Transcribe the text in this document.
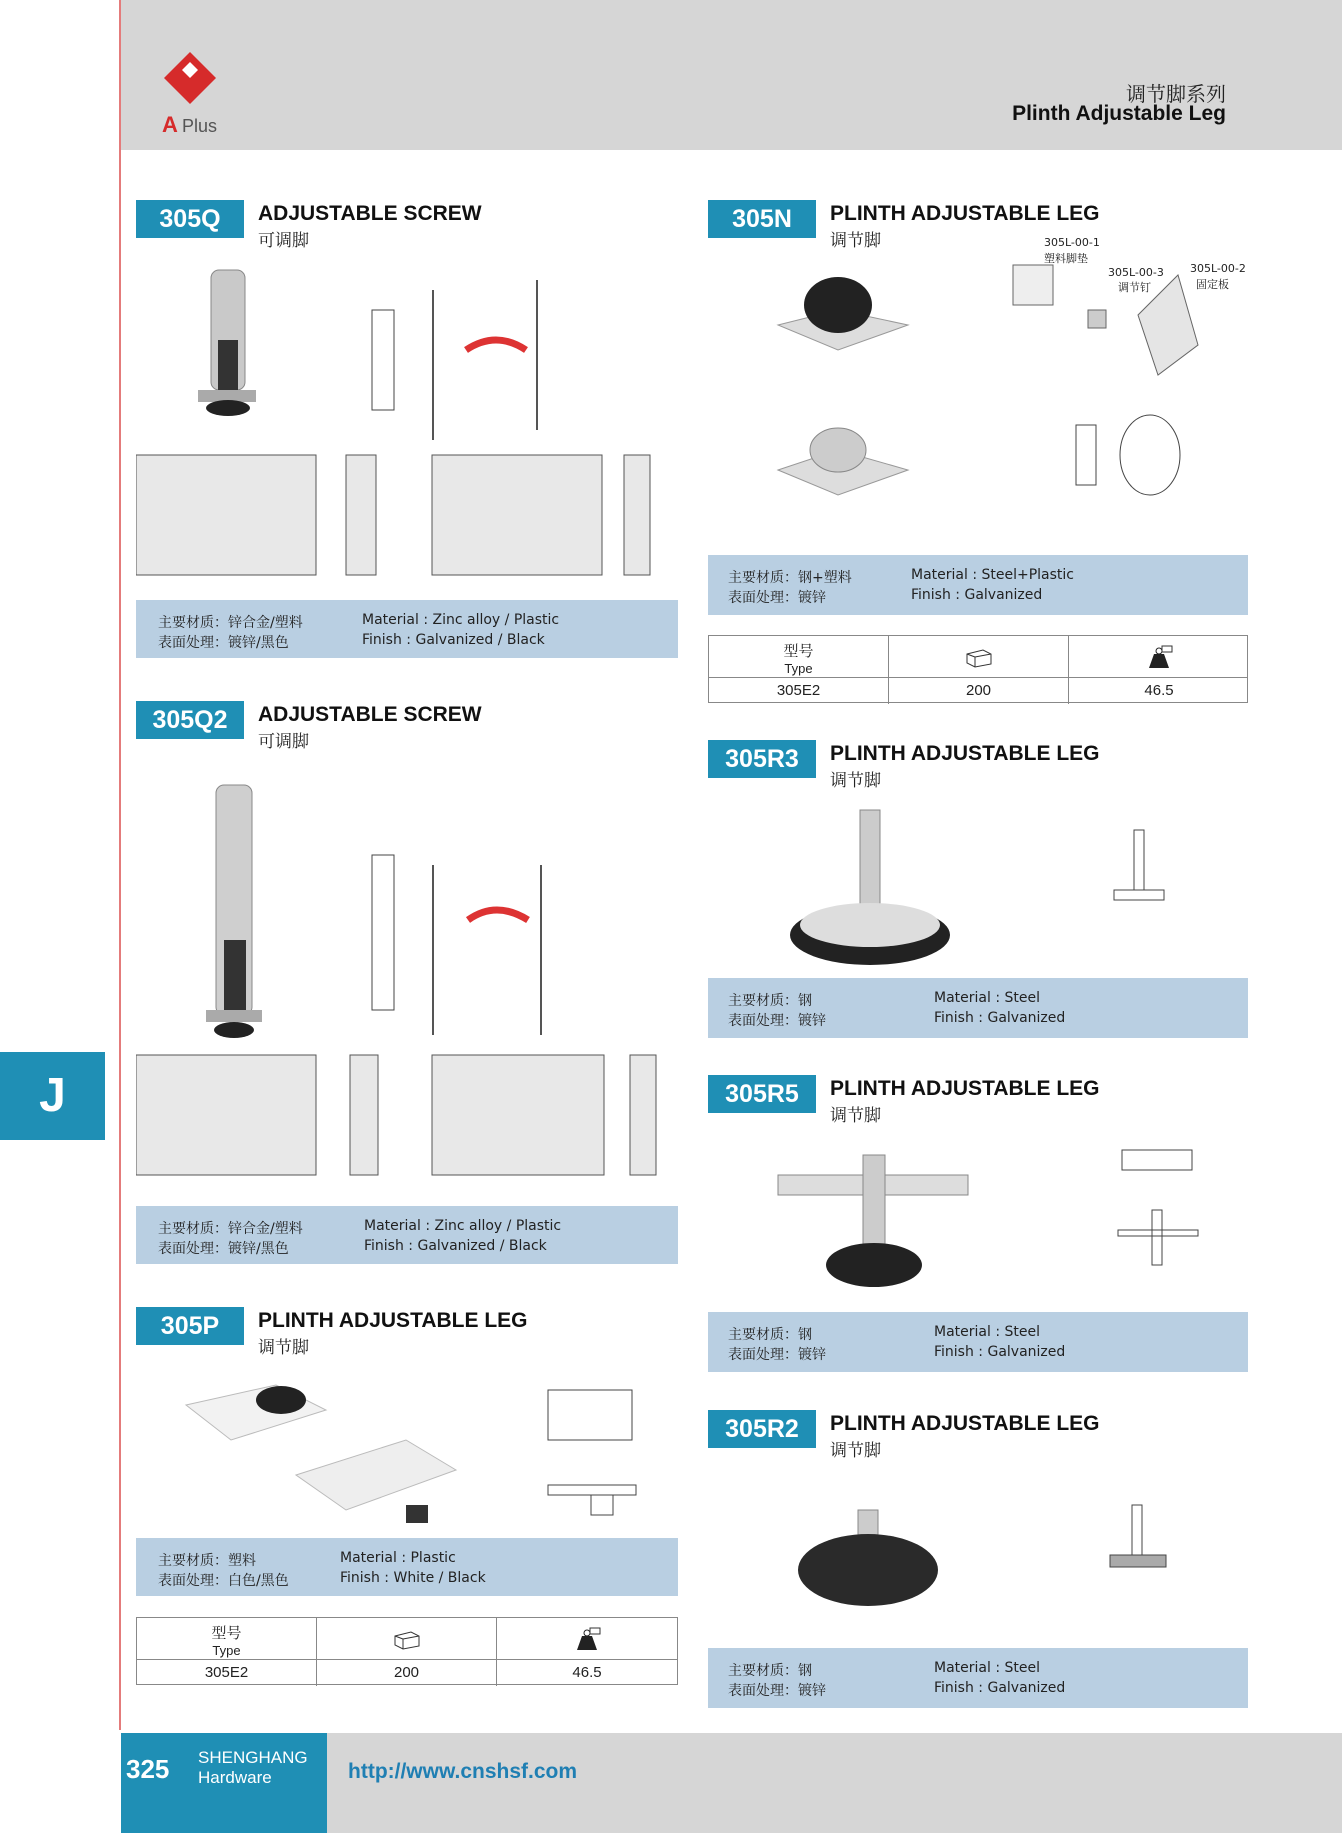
A Plus
调节脚系列
Plinth Adjustable Leg
305Q	ADJUSTABLE SCREW
可调脚
主要材质：锌合金/塑料
表面处理：镀锌/黑色
Material : Zinc alloy / Plastic
Finish : Galvanized / Black
305Q2	ADJUSTABLE SCREW
可调脚
主要材质：锌合金/塑料
表面处理：镀锌/黑色
Material : Zinc alloy / Plastic
Finish : Galvanized / Black
305P	PLINTH ADJUSTABLE LEG
调节脚
主要材质：塑料
表面处理：白色/黑色
Material : Plastic
Finish : White / Black
型号
Type
305E2	200	46.5
305N	PLINTH ADJUSTABLE LEG
调节脚	305L-00-1
塑料脚垫
305L-00-3
调节钉
305L-00-2
固定板
主要材质：钢+塑料
表面处理：镀锌
Material : Steel+Plastic
Finish : Galvanized
型号
Type
305E2	200	46.5
305R3	PLINTH ADJUSTABLE LEG
调节脚
主要材质：钢
表面处理：镀锌
Material : Steel
Finish : Galvanized
305R5	PLINTH ADJUSTABLE LEG
调节脚
主要材质：钢
表面处理：镀锌
Material : Steel
Finish : Galvanized
305R2	PLINTH ADJUSTABLE LEG
调节脚
主要材质：钢
表面处理：镀锌
Material : Steel
Finish : Galvanized
J
325 SHENGHANG
Hardware	http://www.cnshsf.com
